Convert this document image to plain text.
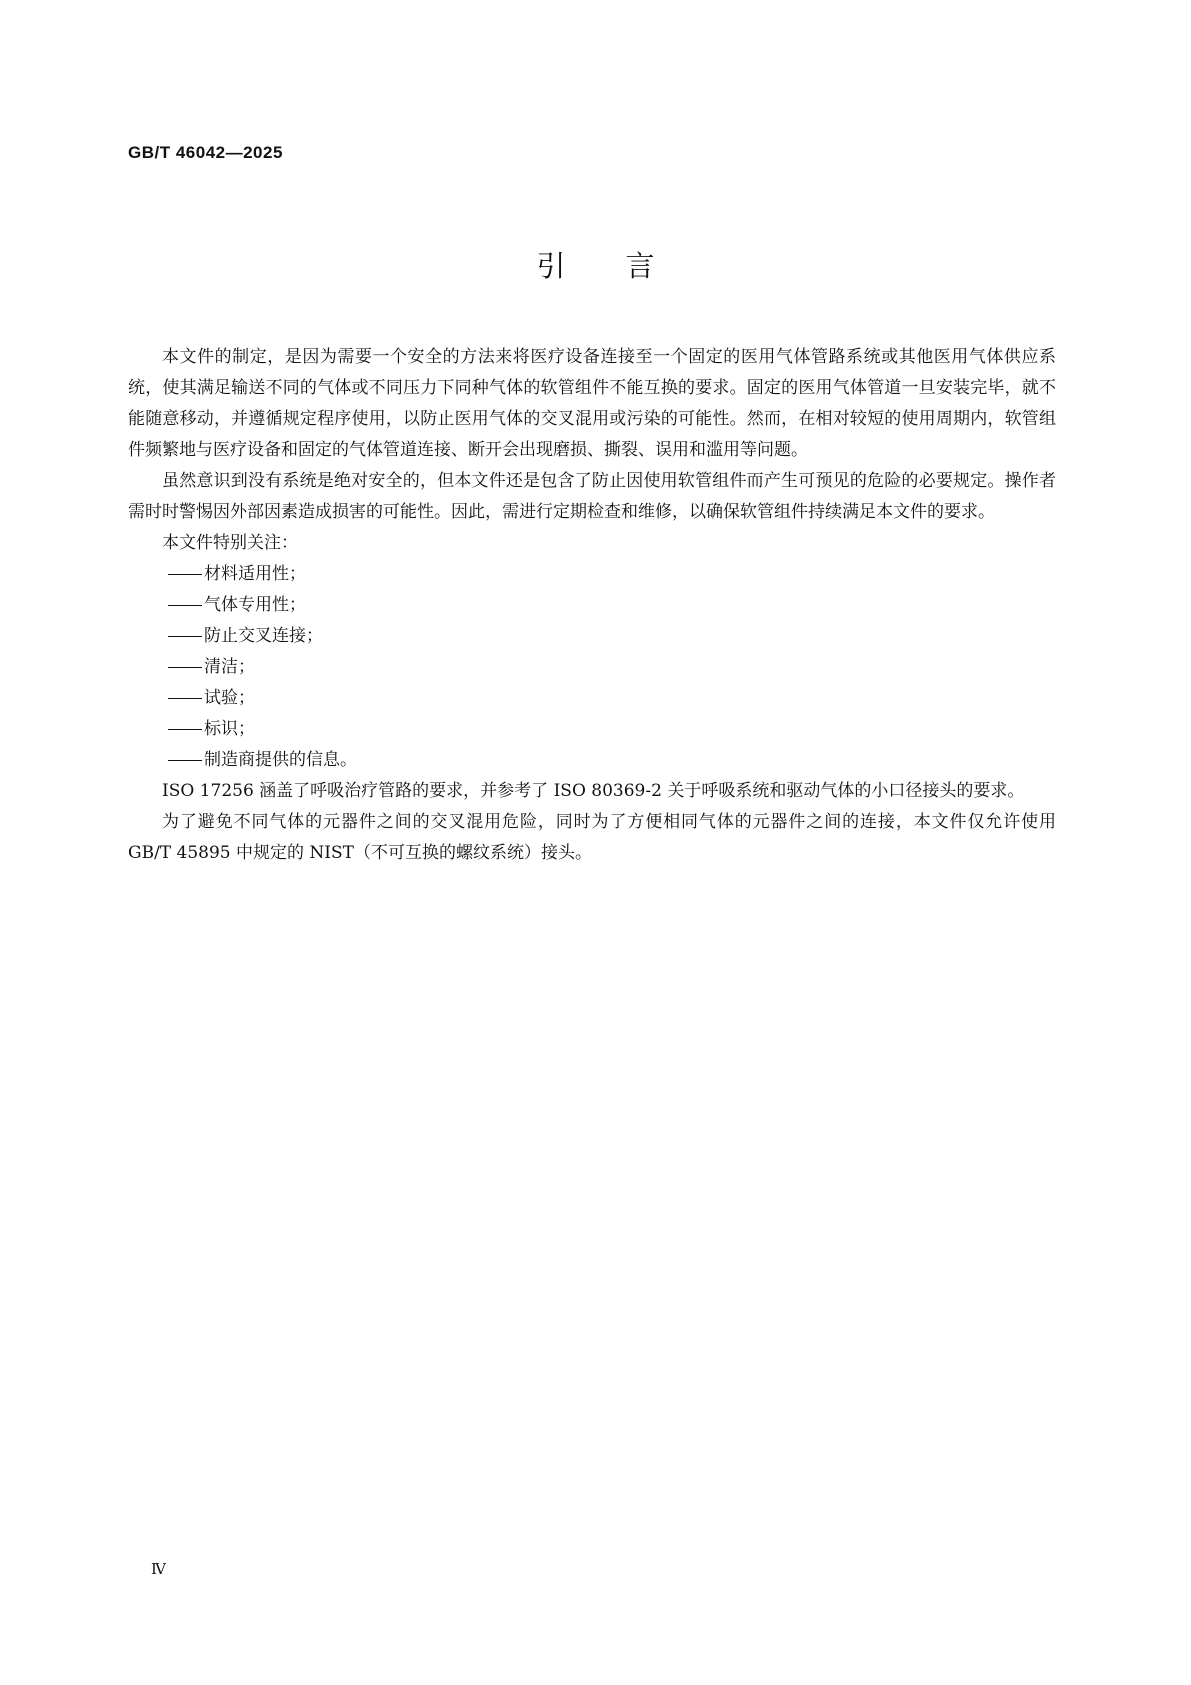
GB/T 46042—2025
引 言

本文件的制定，是因为需要一个安全的方法来将医疗设备连接至一个固定的医用气体管路系统或其他医用气体供应系统，使其满足输送不同的气体或不同压力下同种气体的软管组件不能互换的要求。固定的医用气体管道一旦安装完毕，就不能随意移动，并遵循规定程序使用，以防止医用气体的交叉混用或污染的可能性。然而，在相对较短的使用周期内，软管组件频繁地与医疗设备和固定的气体管道连接、断开会出现磨损、撕裂、误用和滥用等问题。

虽然意识到没有系统是绝对安全的，但本文件还是包含了防止因使用软管组件而产生可预见的危险的必要规定。操作者需时时警惕因外部因素造成损害的可能性。因此，需进行定期检查和维修，以确保软管组件持续满足本文件的要求。

本文件特别关注：

材料适用性；
气体专用性；
防止交叉连接；
清洁；
试验；
标识；
制造商提供的信息。

ISO 17256 涵盖了呼吸治疗管路的要求，并参考了 ISO 80369-2 关于呼吸系统和驱动气体的小口径接头的要求。

为了避免不同气体的元器件之间的交叉混用危险，同时为了方便相同气体的元器件之间的连接，本文件仅允许使用 GB/T 45895 中规定的 NIST（不可互换的螺纹系统）接头。

Ⅳ
